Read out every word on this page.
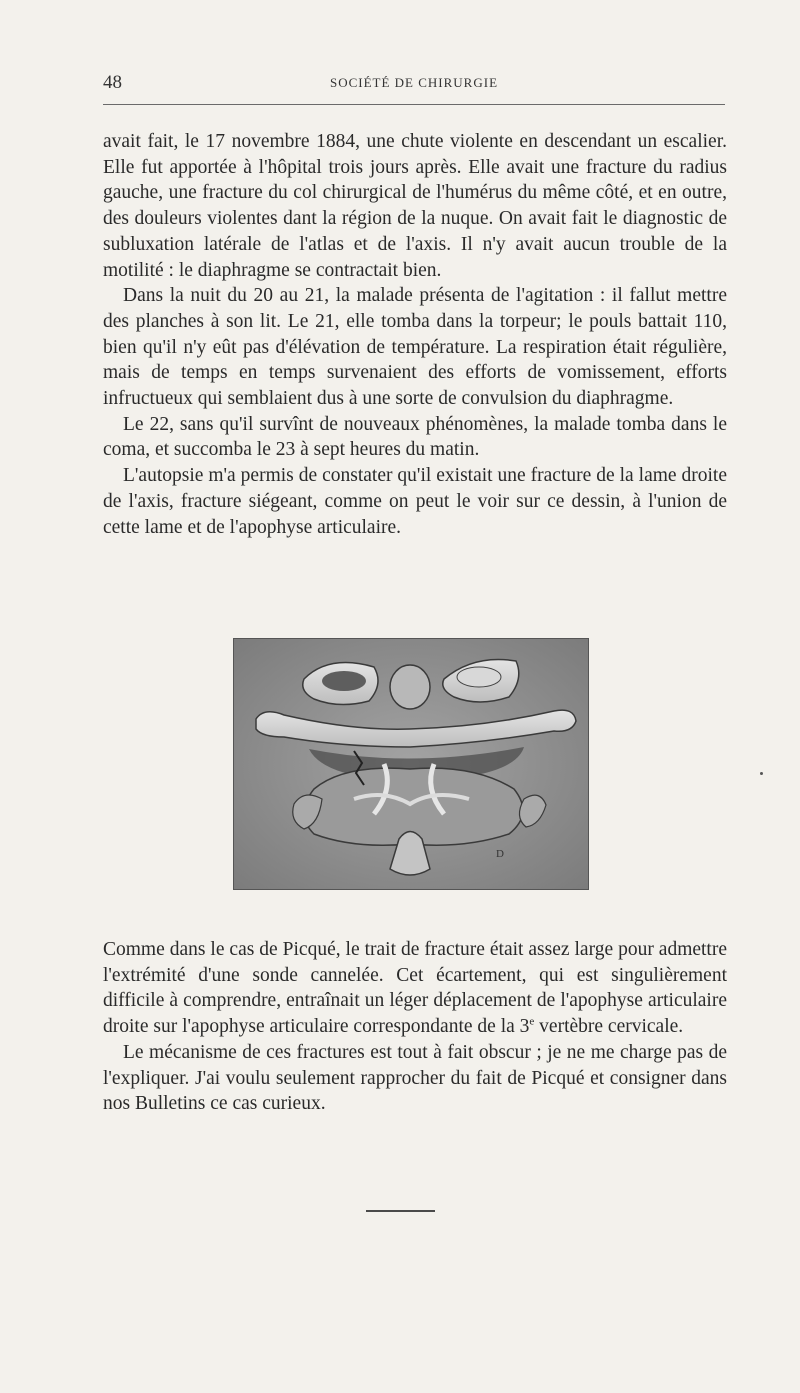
48	SOCIÉTÉ DE CHIRURGIE

avait fait, le 17 novembre 1884, une chute violente en descendant un escalier. Elle fut apportée à l'hôpital trois jours après. Elle avait une fracture du radius gauche, une fracture du col chirurgical de l'humérus du même côté, et en outre, des douleurs violentes dant la région de la nuque. On avait fait le diagnostic de subluxation latérale de l'atlas et de l'axis. Il n'y avait aucun trouble de la motilité : le diaphragme se contractait bien.

Dans la nuit du 20 au 21, la malade présenta de l'agitation : il fallut mettre des planches à son lit. Le 21, elle tomba dans la torpeur; le pouls battait 110, bien qu'il n'y eût pas d'élévation de température. La respiration était régulière, mais de temps en temps survenaient des efforts de vomissement, efforts infructueux qui semblaient dus à une sorte de convulsion du diaphragme.

Le 22, sans qu'il survînt de nouveaux phénomènes, la malade tomba dans le coma, et succomba le 23 à sept heures du matin.

L'autopsie m'a permis de constater qu'il existait une fracture de la lame droite de l'axis, fracture siégeant, comme on peut le voir sur ce dessin, à l'union de cette lame et de l'apophyse articulaire.

D

Comme dans le cas de Picqué, le trait de fracture était assez large pour admettre l'extrémité d'une sonde cannelée. Cet écartement, qui est singulièrement difficile à comprendre, entraînait un léger déplacement de l'apophyse articulaire droite sur l'apophyse articulaire correspondante de la 3e vertèbre cervicale.

Le mécanisme de ces fractures est tout à fait obscur ; je ne me charge pas de l'expliquer. J'ai voulu seulement rapprocher du fait de Picqué et consigner dans nos Bulletins ce cas curieux.
